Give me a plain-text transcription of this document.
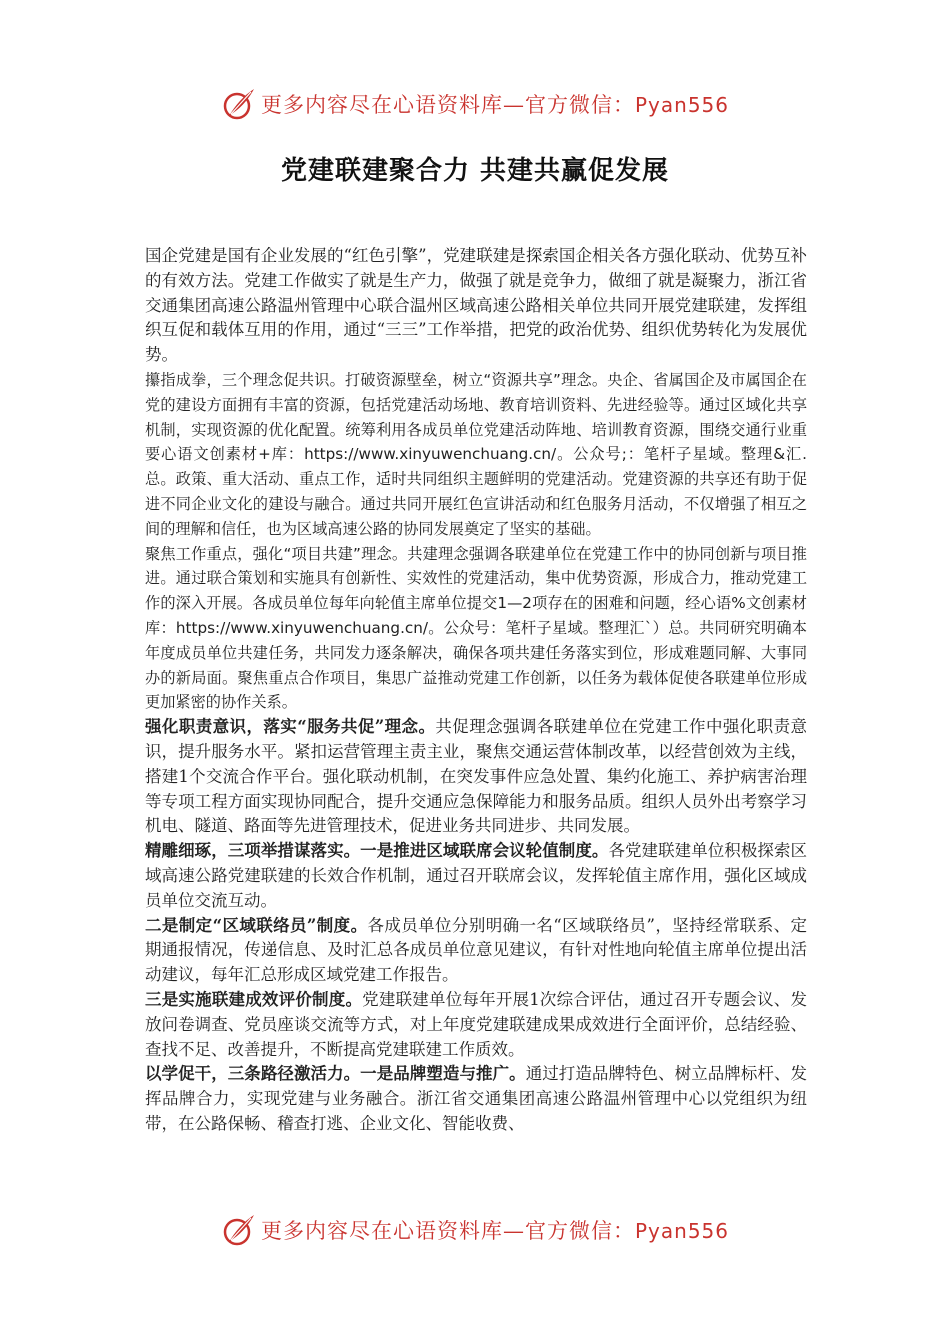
更多内容尽在心语资料库—官方微信：Pyan556
党建联建聚合力 共建共赢促发展

国企党建是国有企业发展的“红色引擎”，党建联建是探索国企相关各方强化联动、优势互补的有效方法。党建工作做实了就是生产力，做强了就是竞争力，做细了就是凝聚力，浙江省交通集团高速公路温州管理中心联合温州区域高速公路相关单位共同开展党建联建，发挥组织互促和载体互用的作用，通过“三三”工作举措，把党的政治优势、组织优势转化为发展优势。

攥指成拳，三个理念促共识。打破资源壁垒，树立“资源共享”理念。央企、省属国企及市属国企在党的建设方面拥有丰富的资源，包括党建活动场地、教育培训资料、先进经验等。通过区域化共享机制，实现资源的优化配置。统筹利用各成员单位党建活动阵地、培训教育资源，围绕交通行业重要心语文创素材+库：https://www.xinyuwenchuang.cn/。公众号;：笔杆子星域。整理&汇.总。政策、重大活动、重点工作，适时共同组织主题鲜明的党建活动。党建资源的共享还有助于促进不同企业文化的建设与融合。通过共同开展红色宣讲活动和红色服务月活动，不仅增强了相互之间的理解和信任，也为区域高速公路的协同发展奠定了坚实的基础。

聚焦工作重点，强化“项目共建”理念。共建理念强调各联建单位在党建工作中的协同创新与项目推进。通过联合策划和实施具有创新性、实效性的党建活动，集中优势资源，形成合力，推动党建工作的深入开展。各成员单位每年向轮值主席单位提交1—2项存在的困难和问题，经心语%文创素材库：https://www.xinyuwenchuang.cn/。公众号：笔杆子星域。整理汇`）总。共同研究明确本年度成员单位共建任务，共同发力逐条解决，确保各项共建任务落实到位，形成难题同解、大事同办的新局面。聚焦重点合作项目，集思广益推动党建工作创新，以任务为载体促使各联建单位形成更加紧密的协作关系。

强化职责意识，落实“服务共促”理念。共促理念强调各联建单位在党建工作中强化职责意识，提升服务水平。紧扣运营管理主责主业，聚焦交通运营体制改革，以经营创效为主线，搭建1个交流合作平台。强化联动机制，在突发事件应急处置、集约化施工、养护病害治理等专项工程方面实现协同配合，提升交通应急保障能力和服务品质。组织人员外出考察学习机电、隧道、路面等先进管理技术，促进业务共同进步、共同发展。

精雕细琢，三项举措谋落实。一是推进区域联席会议轮值制度。各党建联建单位积极探索区域高速公路党建联建的长效合作机制，通过召开联席会议，发挥轮值主席作用，强化区域成员单位交流互动。

二是制定“区域联络员”制度。各成员单位分别明确一名“区域联络员”，坚持经常联系、定期通报情况，传递信息、及时汇总各成员单位意见建议，有针对性地向轮值主席单位提出活动建议，每年汇总形成区域党建工作报告。

三是实施联建成效评价制度。党建联建单位每年开展1次综合评估，通过召开专题会议、发放问卷调查、党员座谈交流等方式，对上年度党建联建成果成效进行全面评价，总结经验、查找不足、改善提升，不断提高党建联建工作质效。

以学促干，三条路径激活力。一是品牌塑造与推广。通过打造品牌特色、树立品牌标杆、发挥品牌合力，实现党建与业务融合。浙江省交通集团高速公路温州管理中心以党组织为纽带，在公路保畅、稽查打逃、企业文化、智能收费、

更多内容尽在心语资料库—官方微信：Pyan556
